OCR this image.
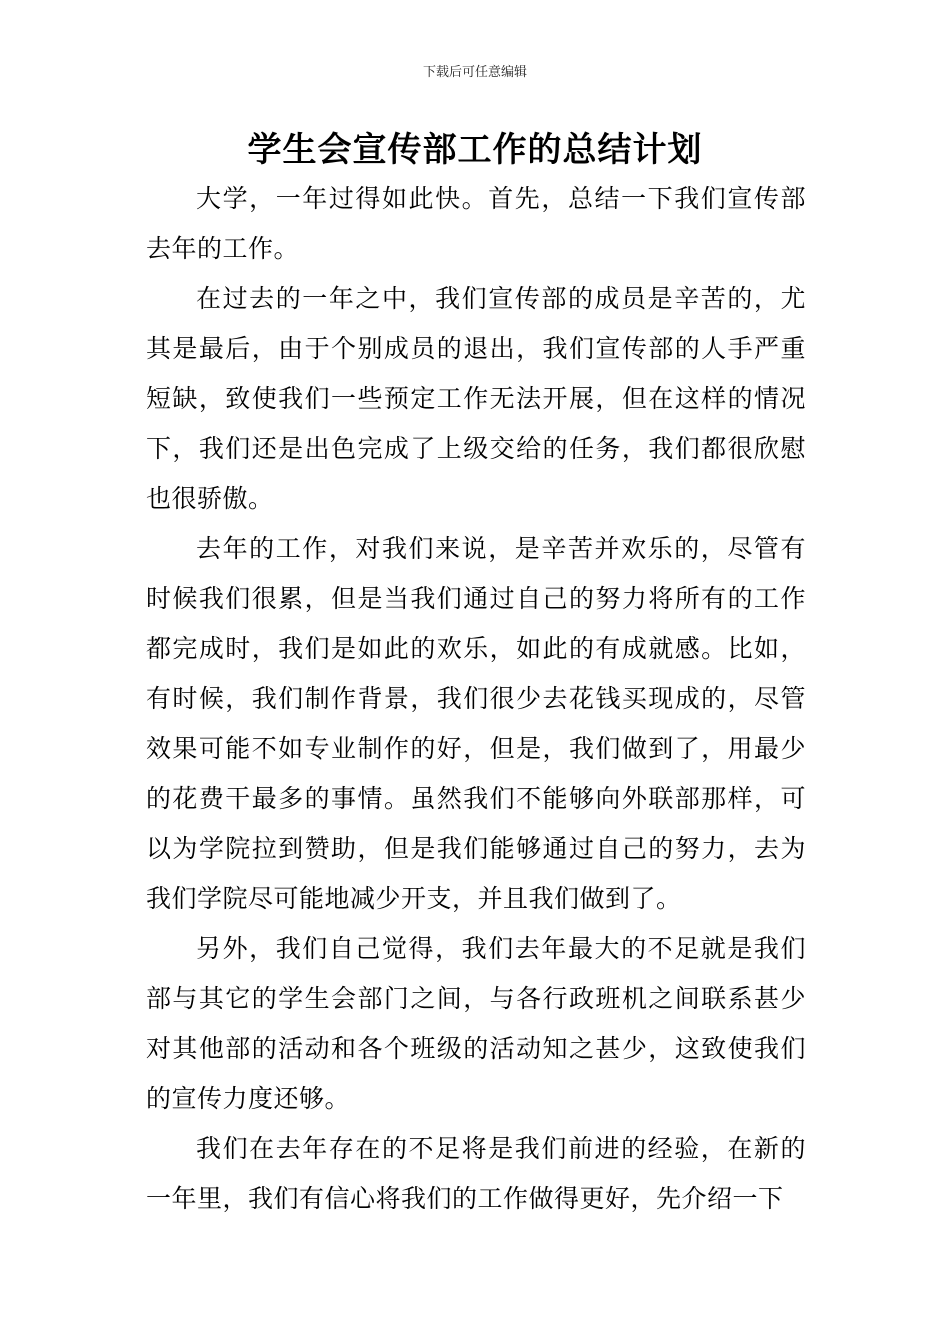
下载后可任意编辑
学生会宣传部工作的总结计划

大学，一年过得如此快。首先，总结一下我们宣传部去年的工作。

在过去的一年之中，我们宣传部的成员是辛苦的，尤其是最后，由于个别成员的退出，我们宣传部的人手严重短缺，致使我们一些预定工作无法开展，但在这样的情况下，我们还是出色完成了上级交给的任务，我们都很欣慰也很骄傲。

去年的工作，对我们来说，是辛苦并欢乐的，尽管有时候我们很累，但是当我们通过自己的努力将所有的工作都完成时，我们是如此的欢乐，如此的有成就感。比如，有时候，我们制作背景，我们很少去花钱买现成的，尽管效果可能不如专业制作的好，但是，我们做到了，用最少的花费干最多的事情。虽然我们不能够向外联部那样，可以为学院拉到赞助，但是我们能够通过自己的努力，去为我们学院尽可能地减少开支，并且我们做到了。

另外，我们自己觉得，我们去年最大的不足就是我们部与其它的学生会部门之间，与各行政班机之间联系甚少对其他部的活动和各个班级的活动知之甚少，这致使我们的宣传力度还够。

我们在去年存在的不足将是我们前进的经验，在新的一年里，我们有信心将我们的工作做得更好，先介绍一下
